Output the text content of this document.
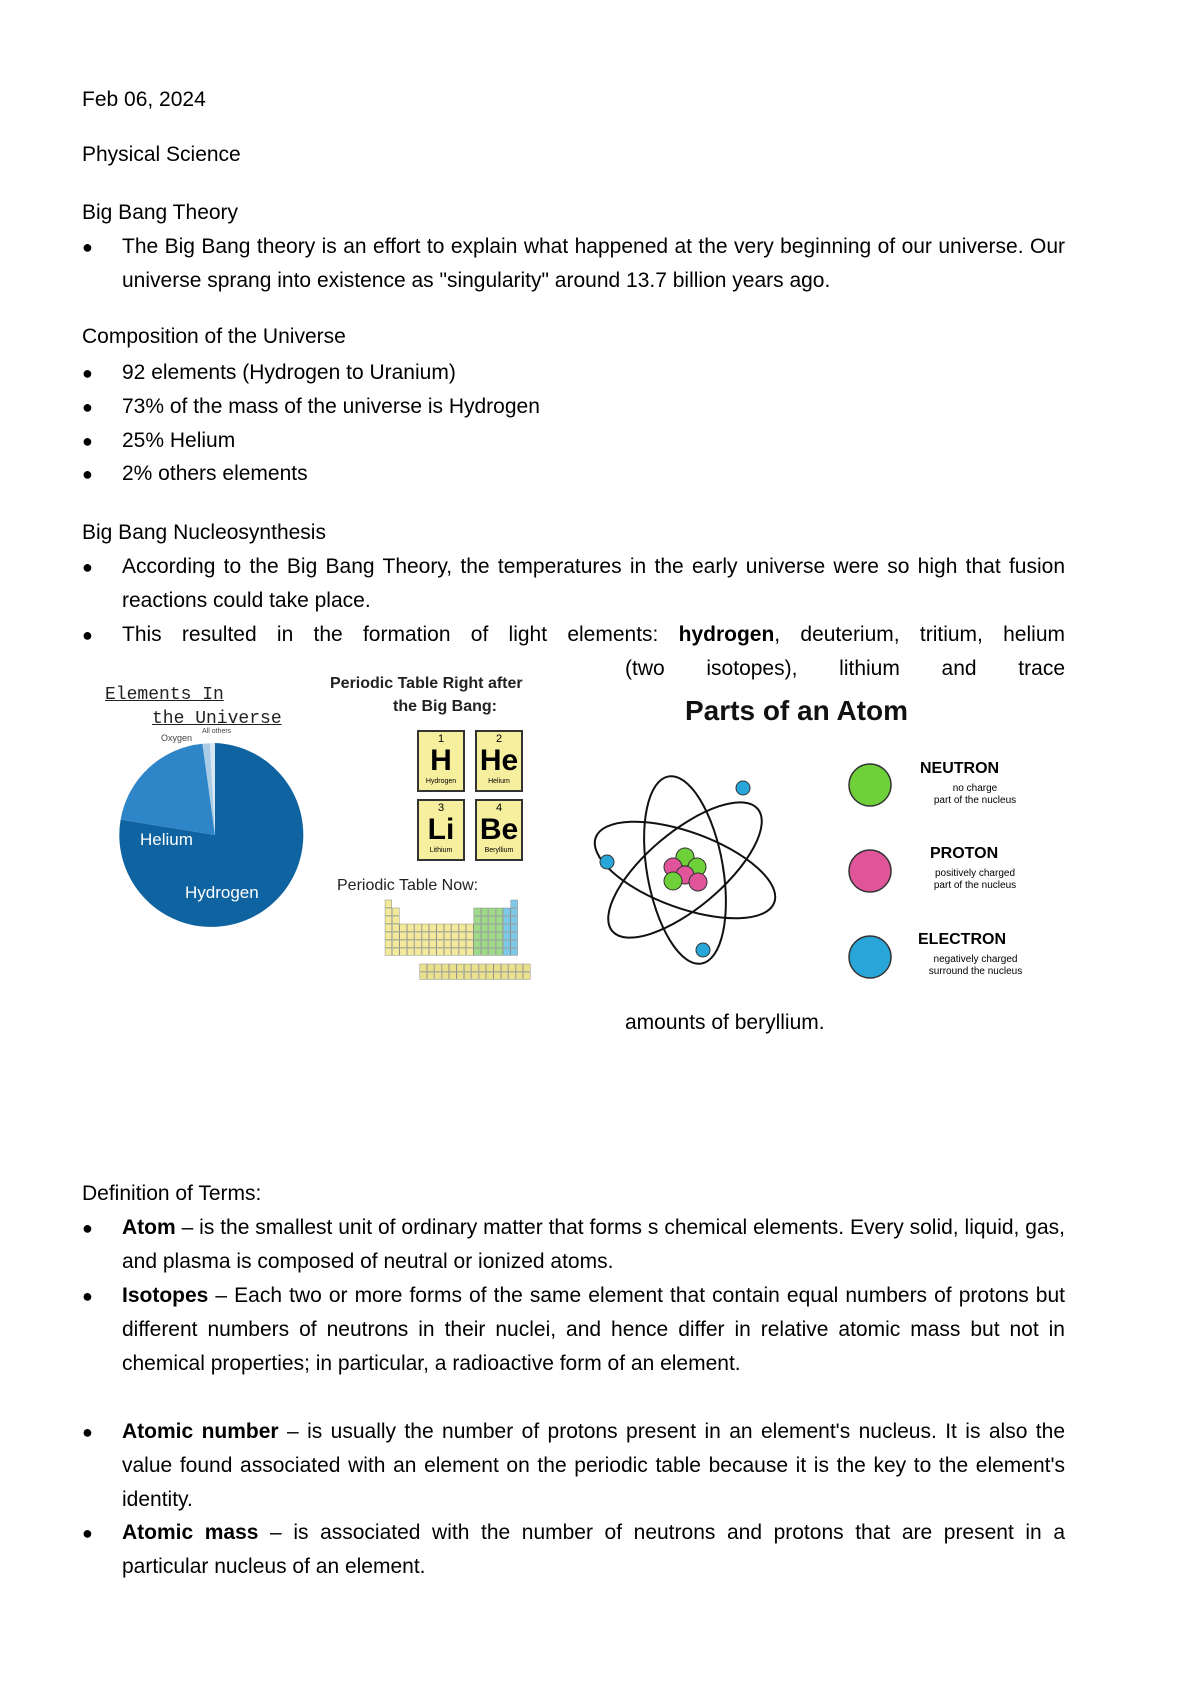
Feb 06, 2024
Physical Science
Big Bang Theory
● The Big Bang theory is an effort to explain what happened at the very beginning of our universe. Our universe sprang into existence as "singularity" around 13.7 billion years ago.
Composition of the Universe
● 92 elements (Hydrogen to Uranium)
● 73% of the mass of the universe is Hydrogen
● 25% Helium
● 2% others elements
Big Bang Nucleosynthesis
● According to the Big Bang Theory, the temperatures in the early universe were so high that fusion reactions could take place.
● This resulted in the formation of light elements: hydrogen, deuterium, tritium, helium
(two isotopes), lithium and trace
amounts of beryllium.
Elements In
the Universe
Helium
Hydrogen
Oxygen
All others
Periodic Table Right after
the Big Bang:
1
H
Hydrogen
2
He
Helium
3
Li
Lithium
4
Be
Beryllium
Periodic Table Now:
Parts of an Atom
NEUTRON
no charge
part of the nucleus
PROTON
positively charged
part of the nucleus
ELECTRON
negatively charged
surround the nucleus
Definition of Terms:
● Atom – is the smallest unit of ordinary matter that forms s chemical elements. Every solid, liquid, gas, and plasma is composed of neutral or ionized atoms.
● Isotopes – Each two or more forms of the same element that contain equal numbers of protons but different numbers of neutrons in their nuclei, and hence differ in relative atomic mass but not in chemical properties; in particular, a radioactive form of an element.
● Atomic number – is usually the number of protons present in an element's nucleus. It is also the value found associated with an element on the periodic table because it is the key to the element's identity.
● Atomic mass – is associated with the number of neutrons and protons that are present in a particular nucleus of an element.
